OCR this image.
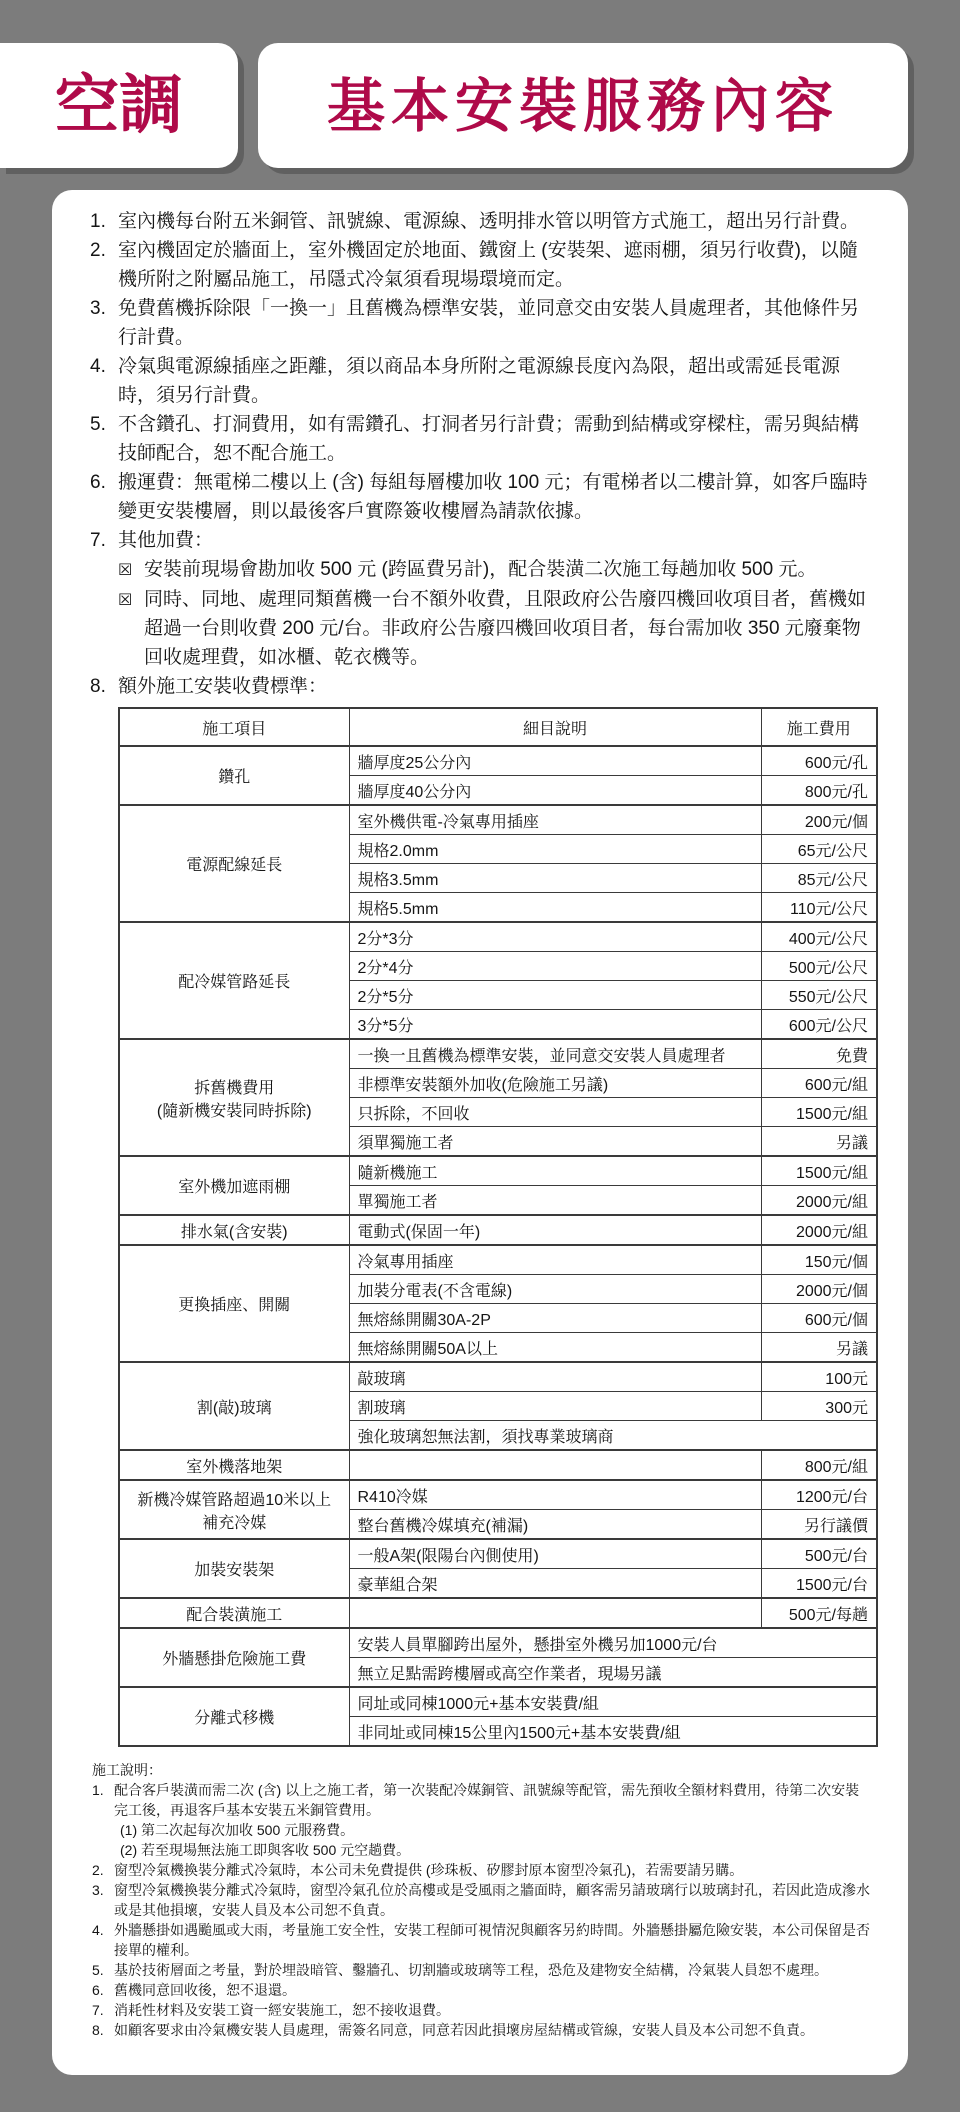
空調 基本安裝服務內容
1. 室內機每台附五米銅管、訊號線、電源線、透明排水管以明管方式施工，超出另行計費。
2. 室內機固定於牆面上，室外機固定於地面、鐵窗上 (安裝架、遮雨棚，須另行收費)，以隨機所附之附屬品施工，吊隱式冷氣須看現場環境而定。
3. 免費舊機拆除限「一換一」且舊機為標準安裝，並同意交由安裝人員處理者，其他條件另行計費。
4. 冷氣與電源線插座之距離，須以商品本身所附之電源線長度內為限，超出或需延長電源時，須另行計費。
5. 不含鑽孔、打洞費用，如有需鑽孔、打洞者另行計費；需動到結構或穿樑柱，需另與結構技師配合，恕不配合施工。
6. 搬運費：無電梯二樓以上 (含) 每組每層樓加收 100 元；有電梯者以二樓計算，如客戶臨時變更安裝樓層，則以最後客戶實際簽收樓層為請款依據。
7. 其他加費：
☒ 安裝前現場會勘加收 500 元 (跨區費另計)，配合裝潢二次施工每趟加收 500 元。
☒ 同時、同地、處理同類舊機一台不額外收費，且限政府公告廢四機回收項目者，舊機如超過一台則收費 200 元/台。非政府公告廢四機回收項目者，每台需加收 350 元廢棄物回收處理費，如冰櫃、乾衣機等。
8. 額外施工安裝收費標準：
施工項目	細目說明	施工費用

鑽孔	牆厚度25公分內	600元/孔
	牆厚度40公分內	800元/孔

電源配線延長	室外機供電-冷氣專用插座	200元/個
	規格2.0mm	65元/公尺
	規格3.5mm	85元/公尺
	規格5.5mm	110元/公尺

配冷媒管路延長	2分*3分	400元/公尺
	2分*4分	500元/公尺
	2分*5分	550元/公尺
	3分*5分	600元/公尺

拆舊機費用
(隨新機安裝同時拆除)	一換一且舊機為標準安裝，並同意交安裝人員處理者	免費
	非標準安裝額外加收(危險施工另議)	600元/組
	只拆除，不回收	1500元/組
	須單獨施工者	另議

室外機加遮雨棚	隨新機施工	1500元/組
	單獨施工者	2000元/組

排水氣(含安裝)	電動式(保固一年)	2000元/組

更換插座、開關	冷氣專用插座	150元/個
	加裝分電表(不含電線)	2000元/個
	無熔絲開關30A-2P	600元/個
	無熔絲開關50A以上	另議

割(敲)玻璃	敲玻璃	100元
	割玻璃	300元
	強化玻璃恕無法割，須找專業玻璃商	

室外機落地架		800元/組

新機冷媒管路超過10米以上
補充冷媒	R410冷媒	1200元/台
	整台舊機冷媒填充(補漏)	另行議價

加裝安裝架	一般A架(限陽台內側使用)	500元/台
	豪華組合架	1500元/台

配合裝潢施工		500元/每趟

外牆懸掛危險施工費	安裝人員單腳跨出屋外，懸掛室外機另加1000元/台	
	無立足點需跨樓層或高空作業者，現場另議	

分離式移機	同址或同棟1000元+基本安裝費/組	
	非同址或同棟15公里內1500元+基本安裝費/組	
施工說明：
1. 配合客戶裝潢而需二次 (含) 以上之施工者，第一次裝配冷媒銅管、訊號線等配管，需先預收全額材料費用，待第二次安裝完工後，再退客戶基本安裝五米銅管費用。
(1) 第二次起每次加收 500 元服務費。
(2) 若至現場無法施工即與客收 500 元空趟費。
2. 窗型冷氣機換裝分離式冷氣時，本公司未免費提供 (珍珠板、矽膠封原本窗型冷氣孔)，若需要請另購。
3. 窗型冷氣機換裝分離式冷氣時，窗型冷氣孔位於高樓或是受風雨之牆面時，顧客需另請玻璃行以玻璃封孔，若因此造成滲水或是其他損壞，安裝人員及本公司恕不負責。
4. 外牆懸掛如遇颱風或大雨，考量施工安全性，安裝工程師可視情況與顧客另約時間。外牆懸掛屬危險安裝，本公司保留是否接單的權利。
5. 基於技術層面之考量，對於埋設暗管、鑿牆孔、切割牆或玻璃等工程，恐危及建物安全結構，冷氣裝人員恕不處理。
6. 舊機同意回收後，恕不退還。
7. 消耗性材料及安裝工資一經安裝施工，恕不接收退費。
8. 如顧客要求由冷氣機安裝人員處理，需簽名同意，同意若因此損壞房屋結構或管線，安裝人員及本公司恕不負責。
